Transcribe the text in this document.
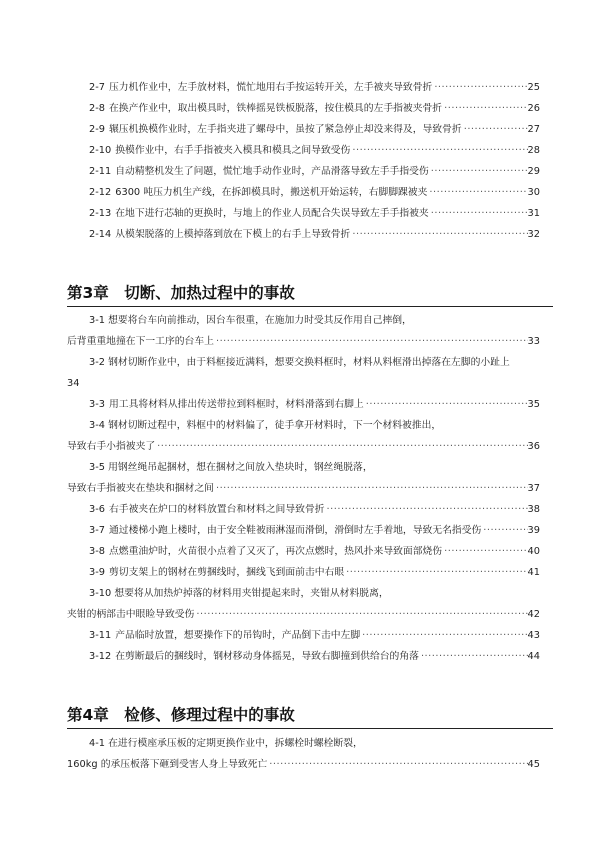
2-7 压力机作业中，左手放材料，慌忙地用右手按运转开关，左手被夹导致骨折 ·····	25
2-8 在换产作业中，取出模具时，铁棒摇晃铁板脱落，按住模具的左手指被夹骨折 ·····	26
2-9 辗压机换模作业时，左手指夹进了螺母中，虽按了紧急停止却没来得及，导致骨折 ·····	27
2-10 换模作业中，右手手指被夹入模具和模具之间导致受伤 ·····	28
2-11 自动精整机发生了问题，慌忙地手动作业时，产品滑落导致左手手指受伤 ·····	29
2-12 6300 吨压力机生产线，在拆卸模具时，搬送机开始运转，右脚脚踝被夹 ·····	30
2-13 在地下进行芯轴的更换时，与地上的作业人员配合失误导致左手手指被夹 ·····	31
2-14 从模架脱落的上模掉落到放在下模上的右手上导致骨折 ·····	32
第3章 切断、加热过程中的事故
3-1 想要将台车向前推动，因台车很重，在施加力时受其反作用自己摔倒，
后背重重地撞在下一工序的台车上 ·····	33
3-2 钢材切断作业中，由于料框接近满料，想要交换料框时，材料从料框滑出掉落在左脚的小趾上
34
3-3 用工具将材料从排出传送带拉到料框时，材料滑落到右脚上 ·····	35
3-4 钢材切断过程中，料框中的材料偏了，徒手拿开材料时，下一个材料被推出，
导致右手小指被夹了 ·····	36
3-5 用钢丝绳吊起捆材，想在捆材之间放入垫块时，钢丝绳脱落，
导致右手指被夹在垫块和捆材之间 ·····	37
3-6 右手被夹在炉口的材料放置台和材料之间导致骨折 ·····	38
3-7 通过楼梯小跑上楼时，由于安全鞋被雨淋湿而滑倒，滑倒时左手着地，导致无名指受伤 ·····	39
3-8 点燃重油炉时，火苗很小点着了又灭了，再次点燃时，热风扑来导致面部烧伤 ·····	40
3-9 剪切支架上的钢材在剪捆线时，捆线飞到面前击中右眼 ·····	41
3-10 想要将从加热炉掉落的材料用夹钳提起来时，夹钳从材料脱离，
夹钳的柄部击中眼睑导致受伤 ·····	42
3-11 产品临时放置，想要操作下的吊钩时，产品倒下击中左脚 ·····	43
3-12 在剪断最后的捆线时，钢材移动身体摇晃，导致右脚撞到供给台的角落 ·····	44
第4章 检修、修理过程中的事故
4-1 在进行模座承压板的定期更换作业中，拆螺栓时螺栓断裂，
160kg 的承压板落下砸到受害人身上导致死亡 ·····	45
